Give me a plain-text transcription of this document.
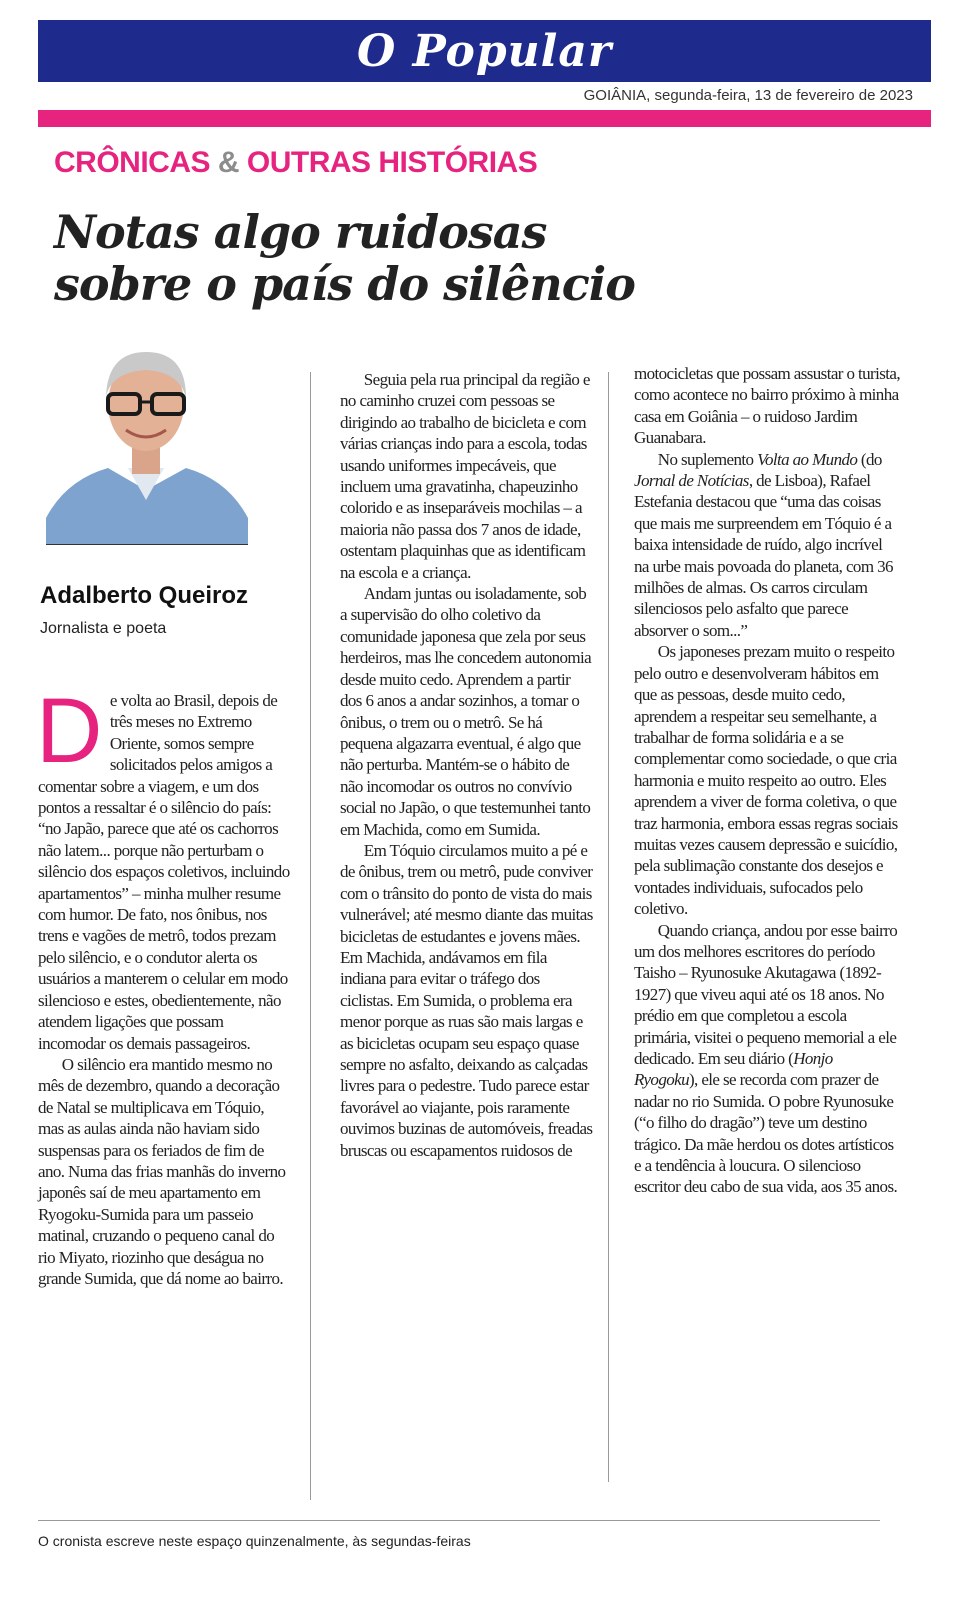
O Popular
GOIÂNIA, segunda-feira, 13 de fevereiro de 2023
CRÔNICAS & OUTRAS HISTÓRIAS
Notas algo ruidosas
sobre o país do silêncio
Adalberto Queiroz
Jornalista e poeta

De volta ao Brasil, depois de três meses no Extremo Oriente, somos sempre solicitados pelos amigos a comentar sobre a viagem, e um dos pontos a ressaltar é o silêncio do país: “no Japão, parece que até os cachorros não latem... porque não perturbam o silêncio dos espaços coletivos, incluindo apartamentos” – minha mulher resume com humor. De fato, nos ônibus, nos trens e vagões de metrô, todos prezam pelo silêncio, e o condutor alerta os usuários a manterem o celular em modo silencioso e estes, obedientemente, não atendem ligações que possam incomodar os demais passageiros.

O silêncio era mantido mesmo no mês de dezembro, quando a decoração de Natal se multiplicava em Tóquio, mas as aulas ainda não haviam sido suspensas para os feriados de fim de ano. Numa das frias manhãs do inverno japonês saí de meu apartamento em Ryogoku-Sumida para um passeio matinal, cruzando o pequeno canal do rio Miyato, riozinho que deságua no grande Sumida, que dá nome ao bairro.

Seguia pela rua principal da região e no caminho cruzei com pessoas se dirigindo ao trabalho de bicicleta e com várias crianças indo para a escola, todas usando uniformes impecáveis, que incluem uma gravatinha, chapeuzinho colorido e as inseparáveis mochilas – a maioria não passa dos 7 anos de idade, ostentam plaquinhas que as identificam na escola e a criança.

Andam juntas ou isoladamente, sob a supervisão do olho coletivo da comunidade japonesa que zela por seus herdeiros, mas lhe concedem autonomia desde muito cedo. Aprendem a partir dos 6 anos a andar sozinhos, a tomar o ônibus, o trem ou o metrô. Se há pequena algazarra eventual, é algo que não perturba. Mantém-se o hábito de não incomodar os outros no convívio social no Japão, o que testemunhei tanto em Machida, como em Sumida.

Em Tóquio circulamos muito a pé e de ônibus, trem ou metrô, pude conviver com o trânsito do ponto de vista do mais vulnerável; até mesmo diante das muitas bicicletas de estudantes e jovens mães. Em Machida, andávamos em fila indiana para evitar o tráfego dos ciclistas. Em Sumida, o problema era menor porque as ruas são mais largas e as bicicletas ocupam seu espaço quase sempre no asfalto, deixando as calçadas livres para o pedestre. Tudo parece estar favorável ao viajante, pois raramente ouvimos buzinas de automóveis, freadas bruscas ou escapamentos ruidosos de

motocicletas que possam assustar o turista, como acontece no bairro próximo à minha casa em Goiânia – o ruidoso Jardim Guanabara.

No suplemento Volta ao Mundo (do Jornal de Notícias, de Lisboa), Rafael Estefania destacou que “uma das coisas que mais me surpreendem em Tóquio é a baixa intensidade de ruído, algo incrível na urbe mais povoada do planeta, com 36 milhões de almas. Os carros circulam silenciosos pelo asfalto que parece absorver o som...”

Os japoneses prezam muito o respeito pelo outro e desenvolveram hábitos em que as pessoas, desde muito cedo, aprendem a respeitar seu semelhante, a trabalhar de forma solidária e a se complementar como sociedade, o que cria harmonia e muito respeito ao outro. Eles aprendem a viver de forma coletiva, o que traz harmonia, embora essas regras sociais muitas vezes causem depressão e suicídio, pela sublimação constante dos desejos e vontades individuais, sufocados pelo coletivo.

Quando criança, andou por esse bairro um dos melhores escritores do período Taisho – Ryunosuke Akutagawa (1892-1927) que viveu aqui até os 18 anos. No prédio em que completou a escola primária, visitei o pequeno memorial a ele dedicado. Em seu diário (Honjo Ryogoku), ele se recorda com prazer de nadar no rio Sumida. O pobre Ryunosuke (“o filho do dragão”) teve um destino trágico. Da mãe herdou os dotes artísticos e a tendência à loucura. O silencioso escritor deu cabo de sua vida, aos 35 anos.

O cronista escreve neste espaço quinzenalmente, às segundas-feiras
